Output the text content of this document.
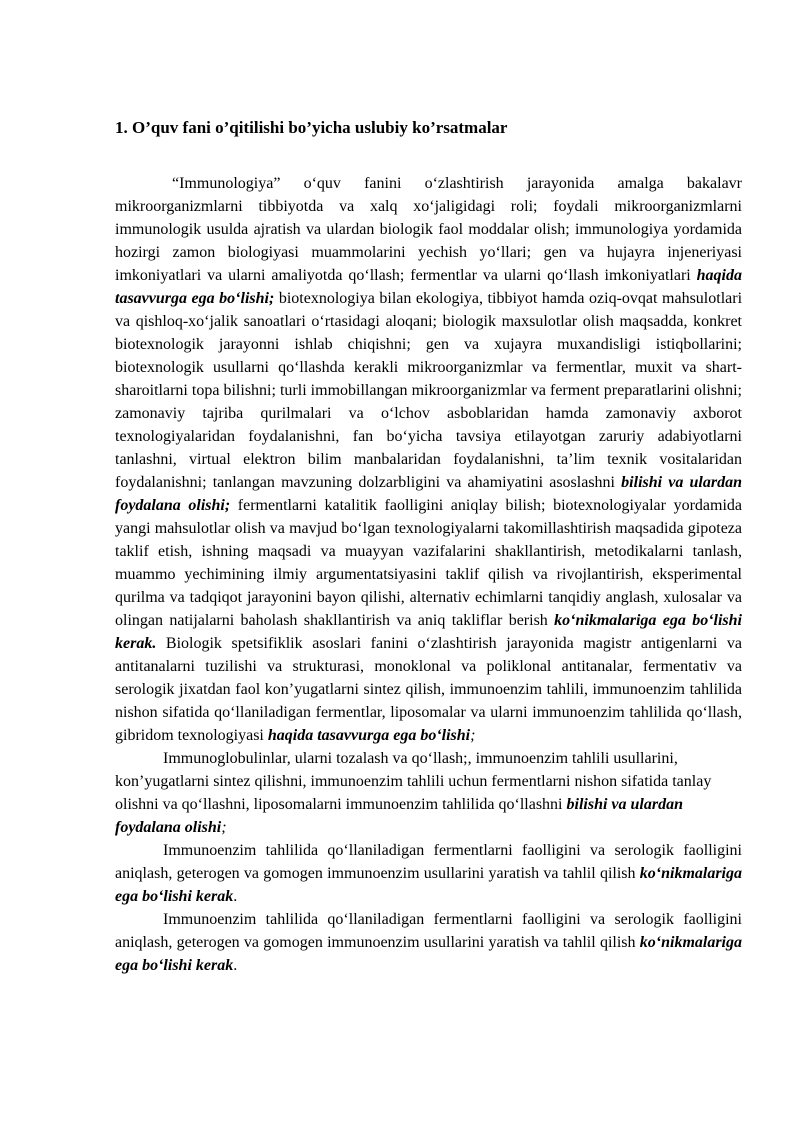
1. O’quv fani o’qitilishi bo’yicha uslubiy ko’rsatmalar

“Immunologiya” o‘quv fanini o‘zlashtirish jarayonida amalga bakalavr mikroorganizmlarni tibbiyotda va xalq xo‘jaligidagi roli; foydali mikroorganizmlarni immunologik usulda ajratish va ulardan biologik faol moddalar olish; immunologiya yordamida hozirgi zamon biologiyasi muammolarini yechish yo‘llari; gen va hujayra injeneriyasi imkoniyatlari va ularni amaliyotda qo‘llash; fermentlar va ularni qo‘llash imkoniyatlari haqida tasavvurga ega bo‘lishi; biotexnologiya bilan ekologiya, tibbiyot hamda oziq-ovqat mahsulotlari va qishloq-xo‘jalik sanoatlari o‘rtasidagi aloqani; biologik maxsulotlar olish maqsadda, konkret biotexnologik jarayonni ishlab chiqishni; gen va xujayra muxandisligi istiqbollarini; biotexnologik usullarni qo‘llashda kerakli mikroorganizmlar va fermentlar, muxit va shart-sharoitlarni topa bilishni; turli immobillangan mikroorganizmlar va ferment preparatlarini olishni; zamonaviy tajriba qurilmalari va o‘lchov asboblaridan hamda zamonaviy axborot texnologiyalaridan foydalanishni, fan bo‘yicha tavsiya etilayotgan zaruriy adabiyotlarni tanlashni, virtual elektron bilim manbalaridan foydalanishni, ta’lim texnik vositalaridan foydalanishni; tanlangan mavzuning dolzarbligini va ahamiyatini asoslashni bilishi va ulardan foydalana olishi; fermentlarni katalitik faolligini aniqlay bilish; biotexnologiyalar yordamida yangi mahsulotlar olish va mavjud bo‘lgan texnologiyalarni takomillashtirish maqsadida gipoteza taklif etish, ishning maqsadi va muayyan vazifalarini shakllantirish, metodikalarni tanlash, muammo yechimining ilmiy argumentatsiyasini taklif qilish va rivojlantirish, eksperimental qurilma va tadqiqot jarayonini bayon qilishi, alternativ echimlarni tanqidiy anglash, xulosalar va olingan natijalarni baholash shakllantirish va aniq takliflar berish ko‘nikmalariga ega bo‘lishi kerak. Biologik spetsifiklik asoslari fanini o‘zlashtirish jarayonida magistr antigenlarni va antitanalarni tuzilishi va strukturasi, monoklonal va poliklonal antitanalar, fermentativ va serologik jixatdan faol kon’yugatlarni sintez qilish, immunoenzim tahlili, immunoenzim tahlilida nishon sifatida qo‘llaniladigan fermentlar, liposomalar va ularni immunoenzim tahlilida qo‘llash, gibridom texnologiyasi haqida tasavvurga ega bo‘lishi;

Immunoglobulinlar, ularni tozalash va qo‘llash;, immunoenzim tahlili usullarini, kon’yugatlarni sintez qilishni, immunoenzim tahlili uchun fermentlarni nishon sifatida tanlay olishni va qo‘llashni, liposomalarni immunoenzim tahlilida qo‘llashni bilishi va ulardan foydalana olishi;

Immunoenzim tahlilida qo‘llaniladigan fermentlarni faolligini va serologik faolligini aniqlash, geterogen va gomogen immunoenzim usullarini yaratish va tahlil qilish ko‘nikmalariga ega bo‘lishi kerak.

Immunoenzim tahlilida qo‘llaniladigan fermentlarni faolligini va serologik faolligini aniqlash, geterogen va gomogen immunoenzim usullarini yaratish va tahlil qilish ko‘nikmalariga ega bo‘lishi kerak.
